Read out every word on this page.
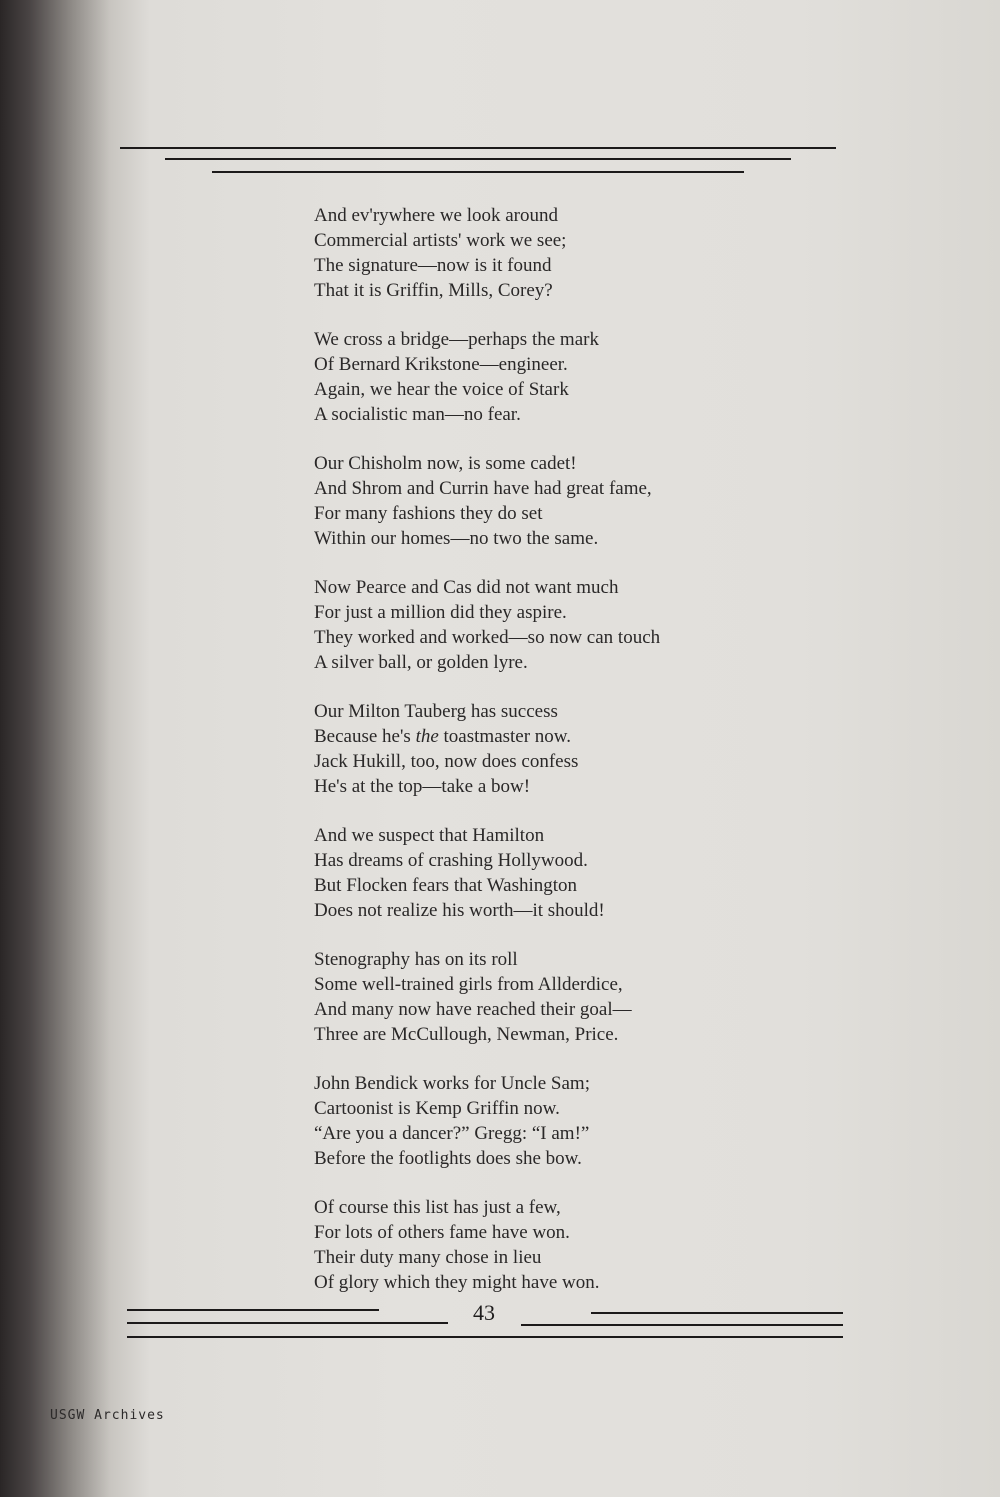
And ev'rywhere we look around
Commercial artists' work we see;
The signature—now is it found
That it is Griffin, Mills, Corey?
We cross a bridge—perhaps the mark
Of Bernard Krikstone—engineer.
Again, we hear the voice of Stark
A socialistic man—no fear.
Our Chisholm now, is some cadet!
And Shrom and Currin have had great fame,
For many fashions they do set
Within our homes—no two the same.
Now Pearce and Cas did not want much
For just a million did they aspire.
They worked and worked—so now can touch
A silver ball, or golden lyre.
Our Milton Tauberg has success
Because he's the toastmaster now.
Jack Hukill, too, now does confess
He's at the top—take a bow!
And we suspect that Hamilton
Has dreams of crashing Hollywood.
But Flocken fears that Washington
Does not realize his worth—it should!
Stenography has on its roll
Some well-trained girls from Allderdice,
And many now have reached their goal—
Three are McCullough, Newman, Price.
John Bendick works for Uncle Sam;
Cartoonist is Kemp Griffin now.
“Are you a dancer?” Gregg: “I am!”
Before the footlights does she bow.
Of course this list has just a few,
For lots of others fame have won.
Their duty many chose in lieu
Of glory which they might have won.
43
USGW Archives
